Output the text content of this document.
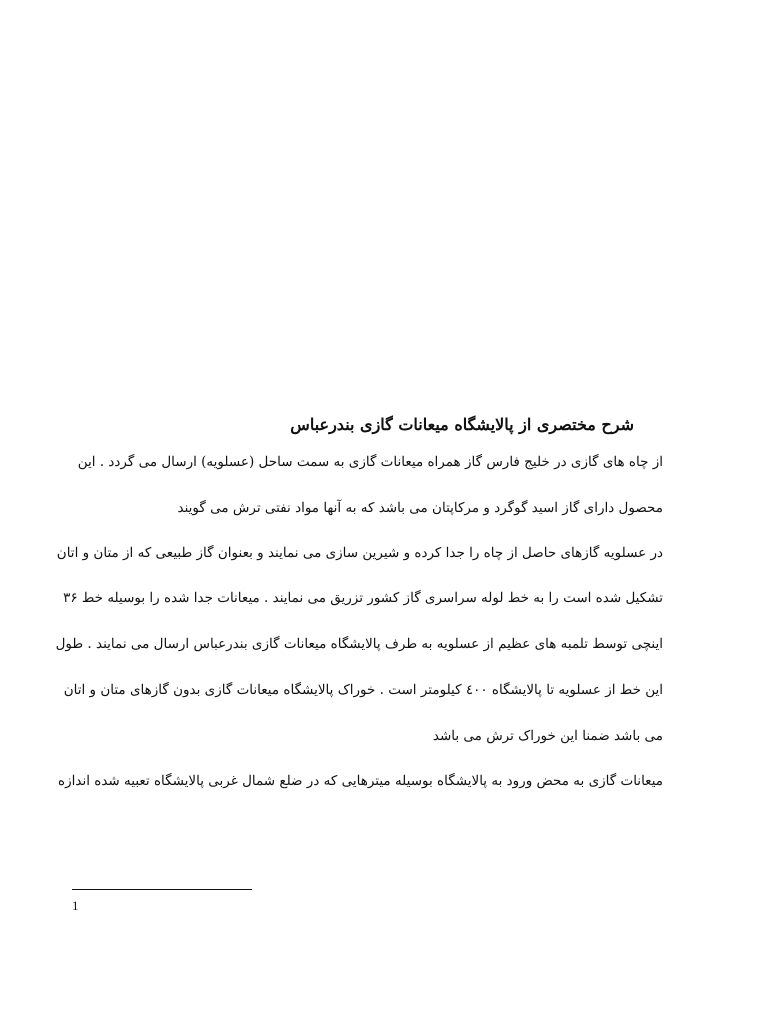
شرح مختصری از پالایشگاه میعانات گازی بندرعباس
از چاه های گازی در خلیج فارس گاز همراه میعانات گازی به سمت ساحل (عسلویه) ارسال می گردد . این
محصول دارای گاز اسید گوگرد و مرکاپتان می باشد که به آنها مواد نفتی ترش می گویند
در عسلویه گازهای حاصل از چاه را جدا کرده و شیرین سازی می نمایند و بعنوان گاز طبیعی که از متان و اتان
تشکیل شده است را به خط لوله سراسری گاز کشور تزریق می نمایند . میعانات جدا شده را بوسیله خط ۳۶
اینچی توسط تلمبه های عظیم از عسلویه به طرف پالایشگاه میعانات گازی بندرعباس ارسال می نمایند . طول
این خط از عسلویه تا پالایشگاه ٤٠٠ کیلومتر است . خوراک پالایشگاه میعانات گازی بدون گازهای متان و اتان
می باشد ضمنا این خوراک ترش می باشد
میعانات گازی به محض ورود به پالایشگاه بوسیله میترهایی که در ضلع شمال غربی پالایشگاه تعبیه شده اندازه
1
